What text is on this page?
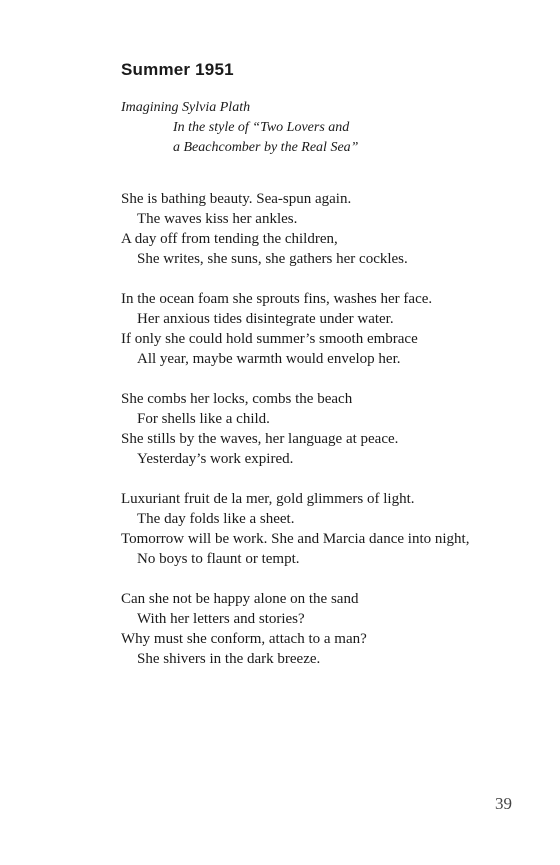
Summer 1951
Imagining Sylvia Plath
In the style of “Two Lovers and
a Beachcomber by the Real Sea”
She is bathing beauty. Sea-spun again.
The waves kiss her ankles.
A day off from tending the children,
She writes, she suns, she gathers her cockles.
In the ocean foam she sprouts fins, washes her face.
Her anxious tides disintegrate under water.
If only she could hold summer’s smooth embrace
All year, maybe warmth would envelop her.
She combs her locks, combs the beach
For shells like a child.
She stills by the waves, her language at peace.
Yesterday’s work expired.
Luxuriant fruit de la mer, gold glimmers of light.
The day folds like a sheet.
Tomorrow will be work. She and Marcia dance into night,
No boys to flaunt or tempt.
Can she not be happy alone on the sand
With her letters and stories?
Why must she conform, attach to a man?
She shivers in the dark breeze.
39
